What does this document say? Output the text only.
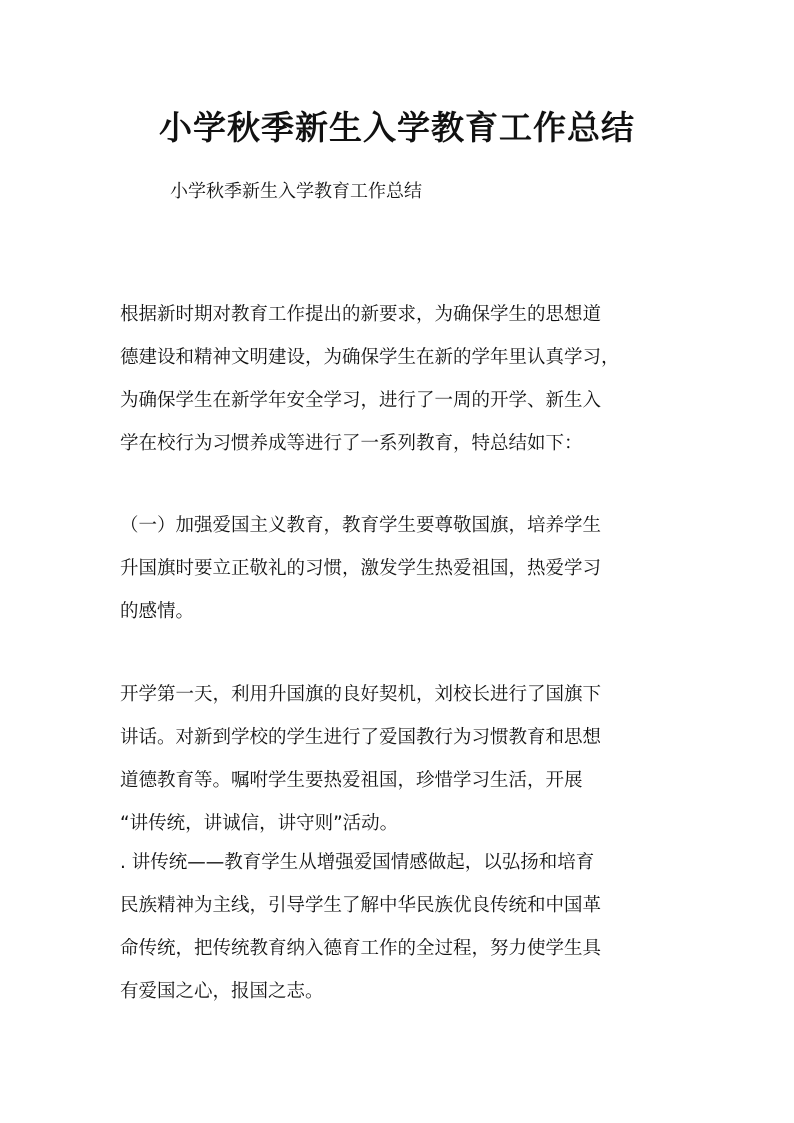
小学秋季新生入学教育工作总结

小学秋季新生入学教育工作总结

根据新时期对教育工作提出的新要求，为确保学生的思想道
德建设和精神文明建设，为确保学生在新的学年里认真学习，
为确保学生在新学年安全学习，进行了一周的开学、新生入
学在校行为习惯养成等进行了一系列教育，特总结如下：

（一）加强爱国主义教育，教育学生要尊敬国旗，培养学生
升国旗时要立正敬礼的习惯，激发学生热爱祖国，热爱学习
的感情。

开学第一天，利用升国旗的良好契机，刘校长进行了国旗下
讲话。对新到学校的学生进行了爱国教行为习惯教育和思想
道德教育等。嘱咐学生要热爱祖国，珍惜学习生活，开展
“讲传统，讲诚信，讲守则”活动。
. 讲传统——教育学生从增强爱国情感做起，以弘扬和培育
民族精神为主线，引导学生了解中华民族优良传统和中国革
命传统，把传统教育纳入德育工作的全过程，努力使学生具
有爱国之心，报国之志。
